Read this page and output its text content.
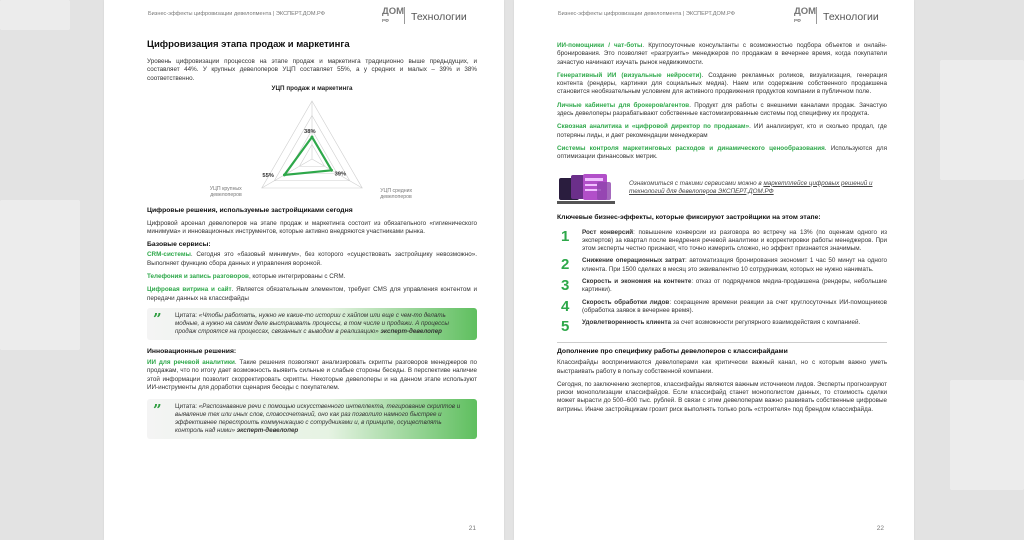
Бизнес-эффекты цифровизации девелопмента | ЭКСПЕРТ.ДОМ.РФ	ДОМ
РФ	Технологии
Цифровизация этапа продаж и маркетинга

Уровень цифровизации процессов на этапе продаж и маркетинга традиционно выше предыдущих, и составляет 44%. У крупных девелоперов УЦП составляет 55%, а у средних и малых – 39% и 38% соответственно.

УЦП продаж и маркетинга
38%
39%
55%
УЦП средних девелоперов
УЦП крупных девелоперов
Цифровые решения, используемые застройщиками сегодня

Цифровой арсенал девелоперов на этапе продаж и маркетинга состоит из обязательного «гигиенического минимума» и инновационных инструментов, которые активно внедряются участниками рынка.

Базовые сервисы:

CRM-системы. Сегодня это «базовый минимум», без которого «существовать застройщику невозможно». Выполняет функцию сбора данных и управления воронкой.

Телефония и запись разговоров, которые интегрированы с CRM.

Цифровая витрина и сайт. Является обязательным элементом, требует CMS для управления контентом и передачи данных на классифайды

” Цитата: «Чтобы работать, нужно не какие-то истории с хайпом или еще с чем-то делать модные, а нужно на самом деле выстраивать процессы, в том числе и продажи. А процессы продаж строятся на процессах, связанных с выводом в реализацию» эксперт-девелопер

Инновационные решения:

ИИ для речевой аналитики. Такие решения позволяют анализировать скрипты разговоров менеджеров по продажам, что по итогу дает возможность выявить сильные и слабые стороны беседы. В перспективе наличие этой информации позволит скорректировать скрипты. Некоторые девелоперы и на данном этапе используют ИИ-инструменты для доработки сценария беседы с покупателем.

” Цитата: «Распознавание речи с помощью искусственного интеллекта, тегирование скриптов и выявление тех или иных слов, словосочетаний, оно как раз позволило намного быстрее и эффективнее перестроить коммуникацию с сотрудниками и, в принципе, осуществлять контроль над ними» эксперт-девелопер

21
Бизнес-эффекты цифровизации девелопмента | ЭКСПЕРТ.ДОМ.РФ	ДОМ
РФ	Технологии

ИИ-помощники / чат-боты. Круглосуточные консультанты с возможностью подбора объектов и онлайн-бронирования. Это позволяет «разгрузить» менеджеров по продажам в вечернее время, когда покупатели зачастую начинают изучать рынок недвижимости.

Генеративный ИИ (визуальные нейросети). Создание рекламных роликов, визуализация, генерация контента (рендеры, картинки для социальных медиа). Наем или содержание собственного продакшена становится необязательным условием для активного продвижения продуктов компании в публичном поле.

Личные кабинеты для брокеров/агентов. Продукт для работы с внешними каналами продаж. Зачастую здесь девелоперы разрабатывают собственные кастомизированные системы под специфику их продукта.

Сквозная аналитика и «цифровой директор по продажам». ИИ анализирует, кто и сколько продал, где потеряны лиды, и дает рекомендации менеджерам

Системы контроля маркетинговых расходов и динамического ценообразования. Используются для оптимизации финансовых метрик.

Ознакомиться с такими сервисами можно в маркетплейсе цифровых решений и технологий для девелоперов ЭКСПЕРТ.ДОМ.РФ

Ключевые бизнес-эффекты, которые фиксируют застройщики на этом этапе:
1	Рост конверсий: повышение конверсии из разговора во встречу на 13% (по оценкам одного из экспертов) за квартал после внедрения речевой аналитики и корректировки работы менеджеров. При этом эксперты честно признают, что точно измерить сложно, но эффект признается значимым.

2	Снижение операционных затрат: автоматизация бронирования экономит 1 час 50 минут на одного клиента. При 1500 сделках в месяц это эквивалентно 10 сотрудникам, которых не нужно нанимать.

3	Скорость и экономия на контенте: отказ от подрядчиков медиа-продакшена (рендеры, небольшие картинки).

4	Скорость обработки лидов: сокращение времени реакции за счет круглосуточных ИИ-помощников (обработка заявок в вечернее время).

5	Удовлетворенность клиента за счет возможности регулярного взаимодействия с компанией.

Дополнение про специфику работы девелоперов с классифайдами

Классифайды воспринимаются девелоперами как критически важный канал, но с которым важно уметь выстраивать работу в пользу собственной компании.

Сегодня, по заключению экспертов, классифайды являются важным источником лидов. Эксперты прогнозируют риски монополизации классифайдов. Если классифайд станет монополистом данных, то стоимость сделки может вырасти до 500–600 тыс. рублей. В связи с этим девелоперам важно развивать собственные цифровые витрины. Иначе застройщикам грозит риск выполнять только роль «строителя» под брендом классифайда.

22
